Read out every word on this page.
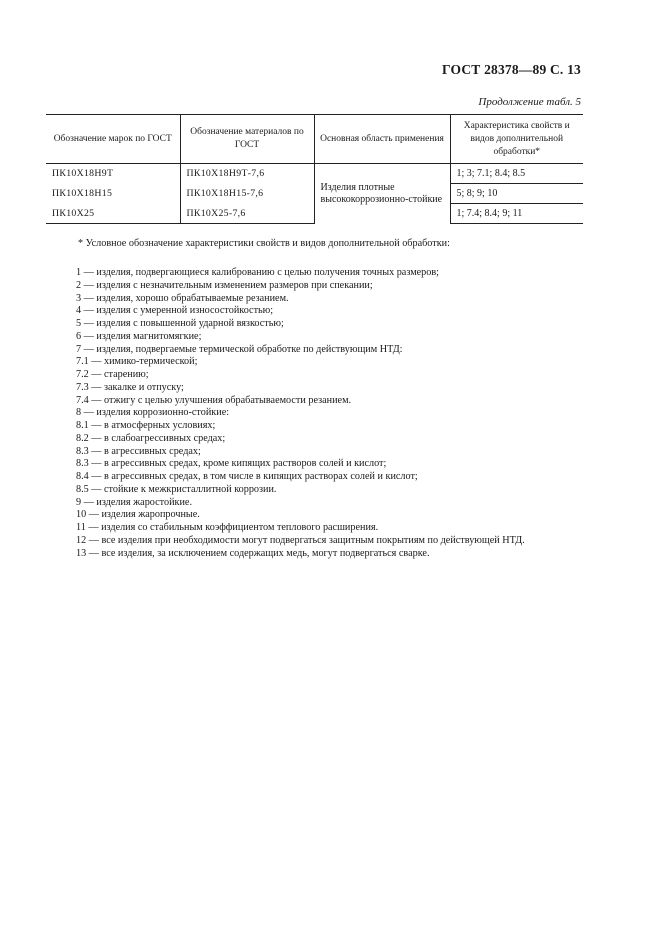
ГОСТ 28378—89 С. 13
Продолжение табл. 5
Обозначение марок по ГОСТ	Обозначение материалов по ГОСТ	Основная область применения	Характеристика свойств и видов дополнительной обработки*
ПК10Х18Н9Т	ПК10Х18Н9Т-7,6	Изделия плотные высококоррозионно-стойкие	1; 3; 7.1; 8.4; 8.5
ПК10Х18Н15	ПК10Х18Н15-7,6		5; 8; 9; 10
ПК10Х25	ПК10Х25-7,6		1; 7.4; 8.4; 9; 11
* Условное обозначение характеристики свойств и видов дополнительной обработки:
1 — изделия, подвергающиеся калиброванию с целью получения точных размеров;
2 — изделия с незначительным изменением размеров при спекании;
3 — изделия, хорошо обрабатываемые резанием.
4 — изделия с умеренной износостойкостью;
5 — изделия с повышенной ударной вязкостью;
6 — изделия магнитомягкие;
7 — изделия, подвергаемые термической обработке по действующим НТД:
7.1 — химико-термической;
7.2 — старению;
7.3 — закалке и отпуску;
7.4 — отжигу с целью улучшения обрабатываемости резанием.
8 — изделия коррозионно-стойкие:
8.1 — в атмосферных условиях;
8.2 — в слабоагрессивных средах;
8.3 — в агрессивных средах;
8.3 — в агрессивных средах, кроме кипящих растворов солей и кислот;
8.4 — в агрессивных средах, в том числе в кипящих растворах солей и кислот;
8.5 — стойкие к межкристаллитной коррозии.
9 — изделия жаростойкие.
10 — изделия жаропрочные.
11 — изделия со стабильным коэффициентом теплового расширения.
12 — все изделия при необходимости могут подвергаться защитным покрытиям по действующей НТД.
13 — все изделия, за исключением содержащих медь, могут подвергаться сварке.
